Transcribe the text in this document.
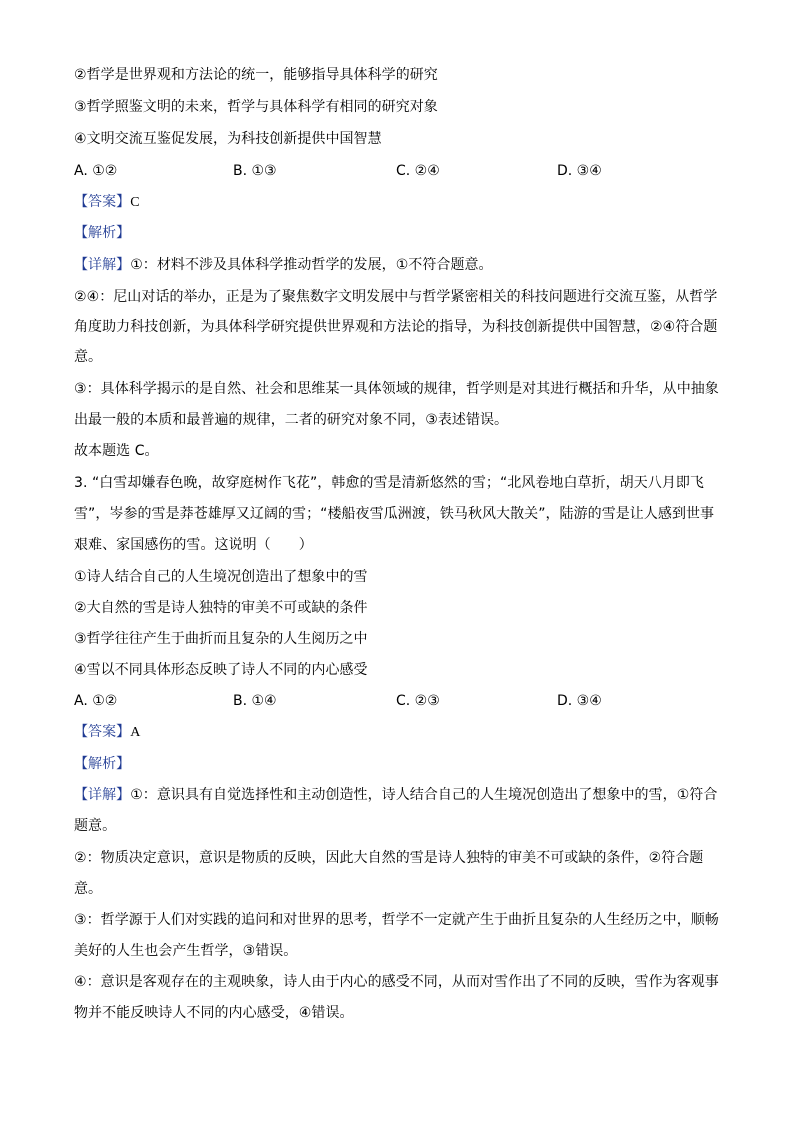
②哲学是世界观和方法论的统一，能够指导具体科学的研究
③哲学照鉴文明的未来，哲学与具体科学有相同的研究对象
④文明交流互鉴促发展，为科技创新提供中国智慧
A. ①②	B. ①③	C. ②④	D. ③④
【答案】C
【解析】
【详解】①：材料不涉及具体科学推动哲学的发展，①不符合题意。
②④：尼山对话的举办，正是为了聚焦数字文明发展中与哲学紧密相关的科技问题进行交流互鉴，从哲学
角度助力科技创新，为具体科学研究提供世界观和方法论的指导，为科技创新提供中国智慧，②④符合题
意。
③：具体科学揭示的是自然、社会和思维某一具体领域的规律，哲学则是对其进行概括和升华，从中抽象
出最一般的本质和最普遍的规律，二者的研究对象不同，③表述错误。
故本题选 C。
3. “白雪却嫌春色晚，故穿庭树作飞花”，韩愈的雪是清新悠然的雪；“北风卷地白草折，胡天八月即飞
雪”，岑参的雪是莽苍雄厚又辽阔的雪；“楼船夜雪瓜洲渡，铁马秋风大散关”，陆游的雪是让人感到世事
艰难、家国感伤的雪。这说明（　　）
①诗人结合自己的人生境况创造出了想象中的雪
②大自然的雪是诗人独特的审美不可或缺的条件
③哲学往往产生于曲折而且复杂的人生阅历之中
④雪以不同具体形态反映了诗人不同的内心感受
A. ①②	B. ①④	C. ②③	D. ③④
【答案】A
【解析】
【详解】①：意识具有自觉选择性和主动创造性，诗人结合自己的人生境况创造出了想象中的雪，①符合
题意。
②：物质决定意识，意识是物质的反映，因此大自然的雪是诗人独特的审美不可或缺的条件，②符合题
意。
③：哲学源于人们对实践的追问和对世界的思考，哲学不一定就产生于曲折且复杂的人生经历之中，顺畅
美好的人生也会产生哲学，③错误。
④：意识是客观存在的主观映象，诗人由于内心的感受不同，从而对雪作出了不同的反映，雪作为客观事
物并不能反映诗人不同的内心感受，④错误。
